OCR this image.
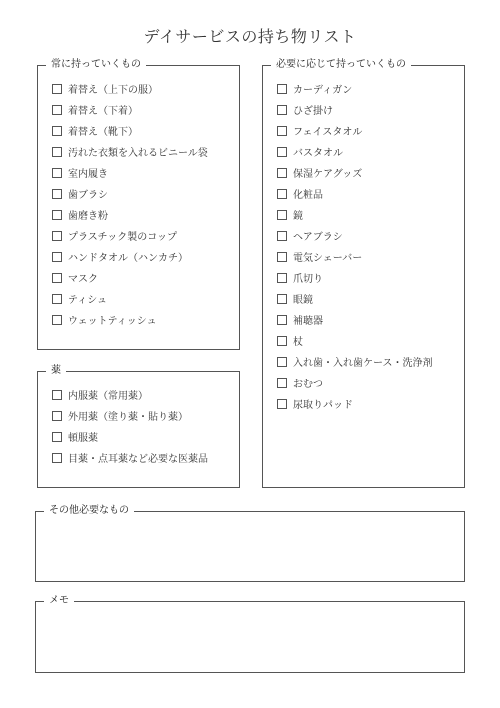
デイサービスの持ち物リスト
常に持っていくもの
着替え（上下の服）
着替え（下着）
着替え（靴下）
汚れた衣類を入れるビニール袋
室内履き
歯ブラシ
歯磨き粉
プラスチック製のコップ
ハンドタオル（ハンカチ）
マスク
ティシュ
ウェットティッシュ
薬
内服薬（常用薬）
外用薬（塗り薬・貼り薬）
頓服薬
目薬・点耳薬など必要な医薬品
必要に応じて持っていくもの
カーディガン
ひざ掛け
フェイスタオル
バスタオル
保湿ケアグッズ
化粧品
鏡
ヘアブラシ
電気シェーバー
爪切り
眼鏡
補聴器
杖
入れ歯・入れ歯ケース・洗浄剤
おむつ
尿取りパッド
その他必要なもの
メモ
